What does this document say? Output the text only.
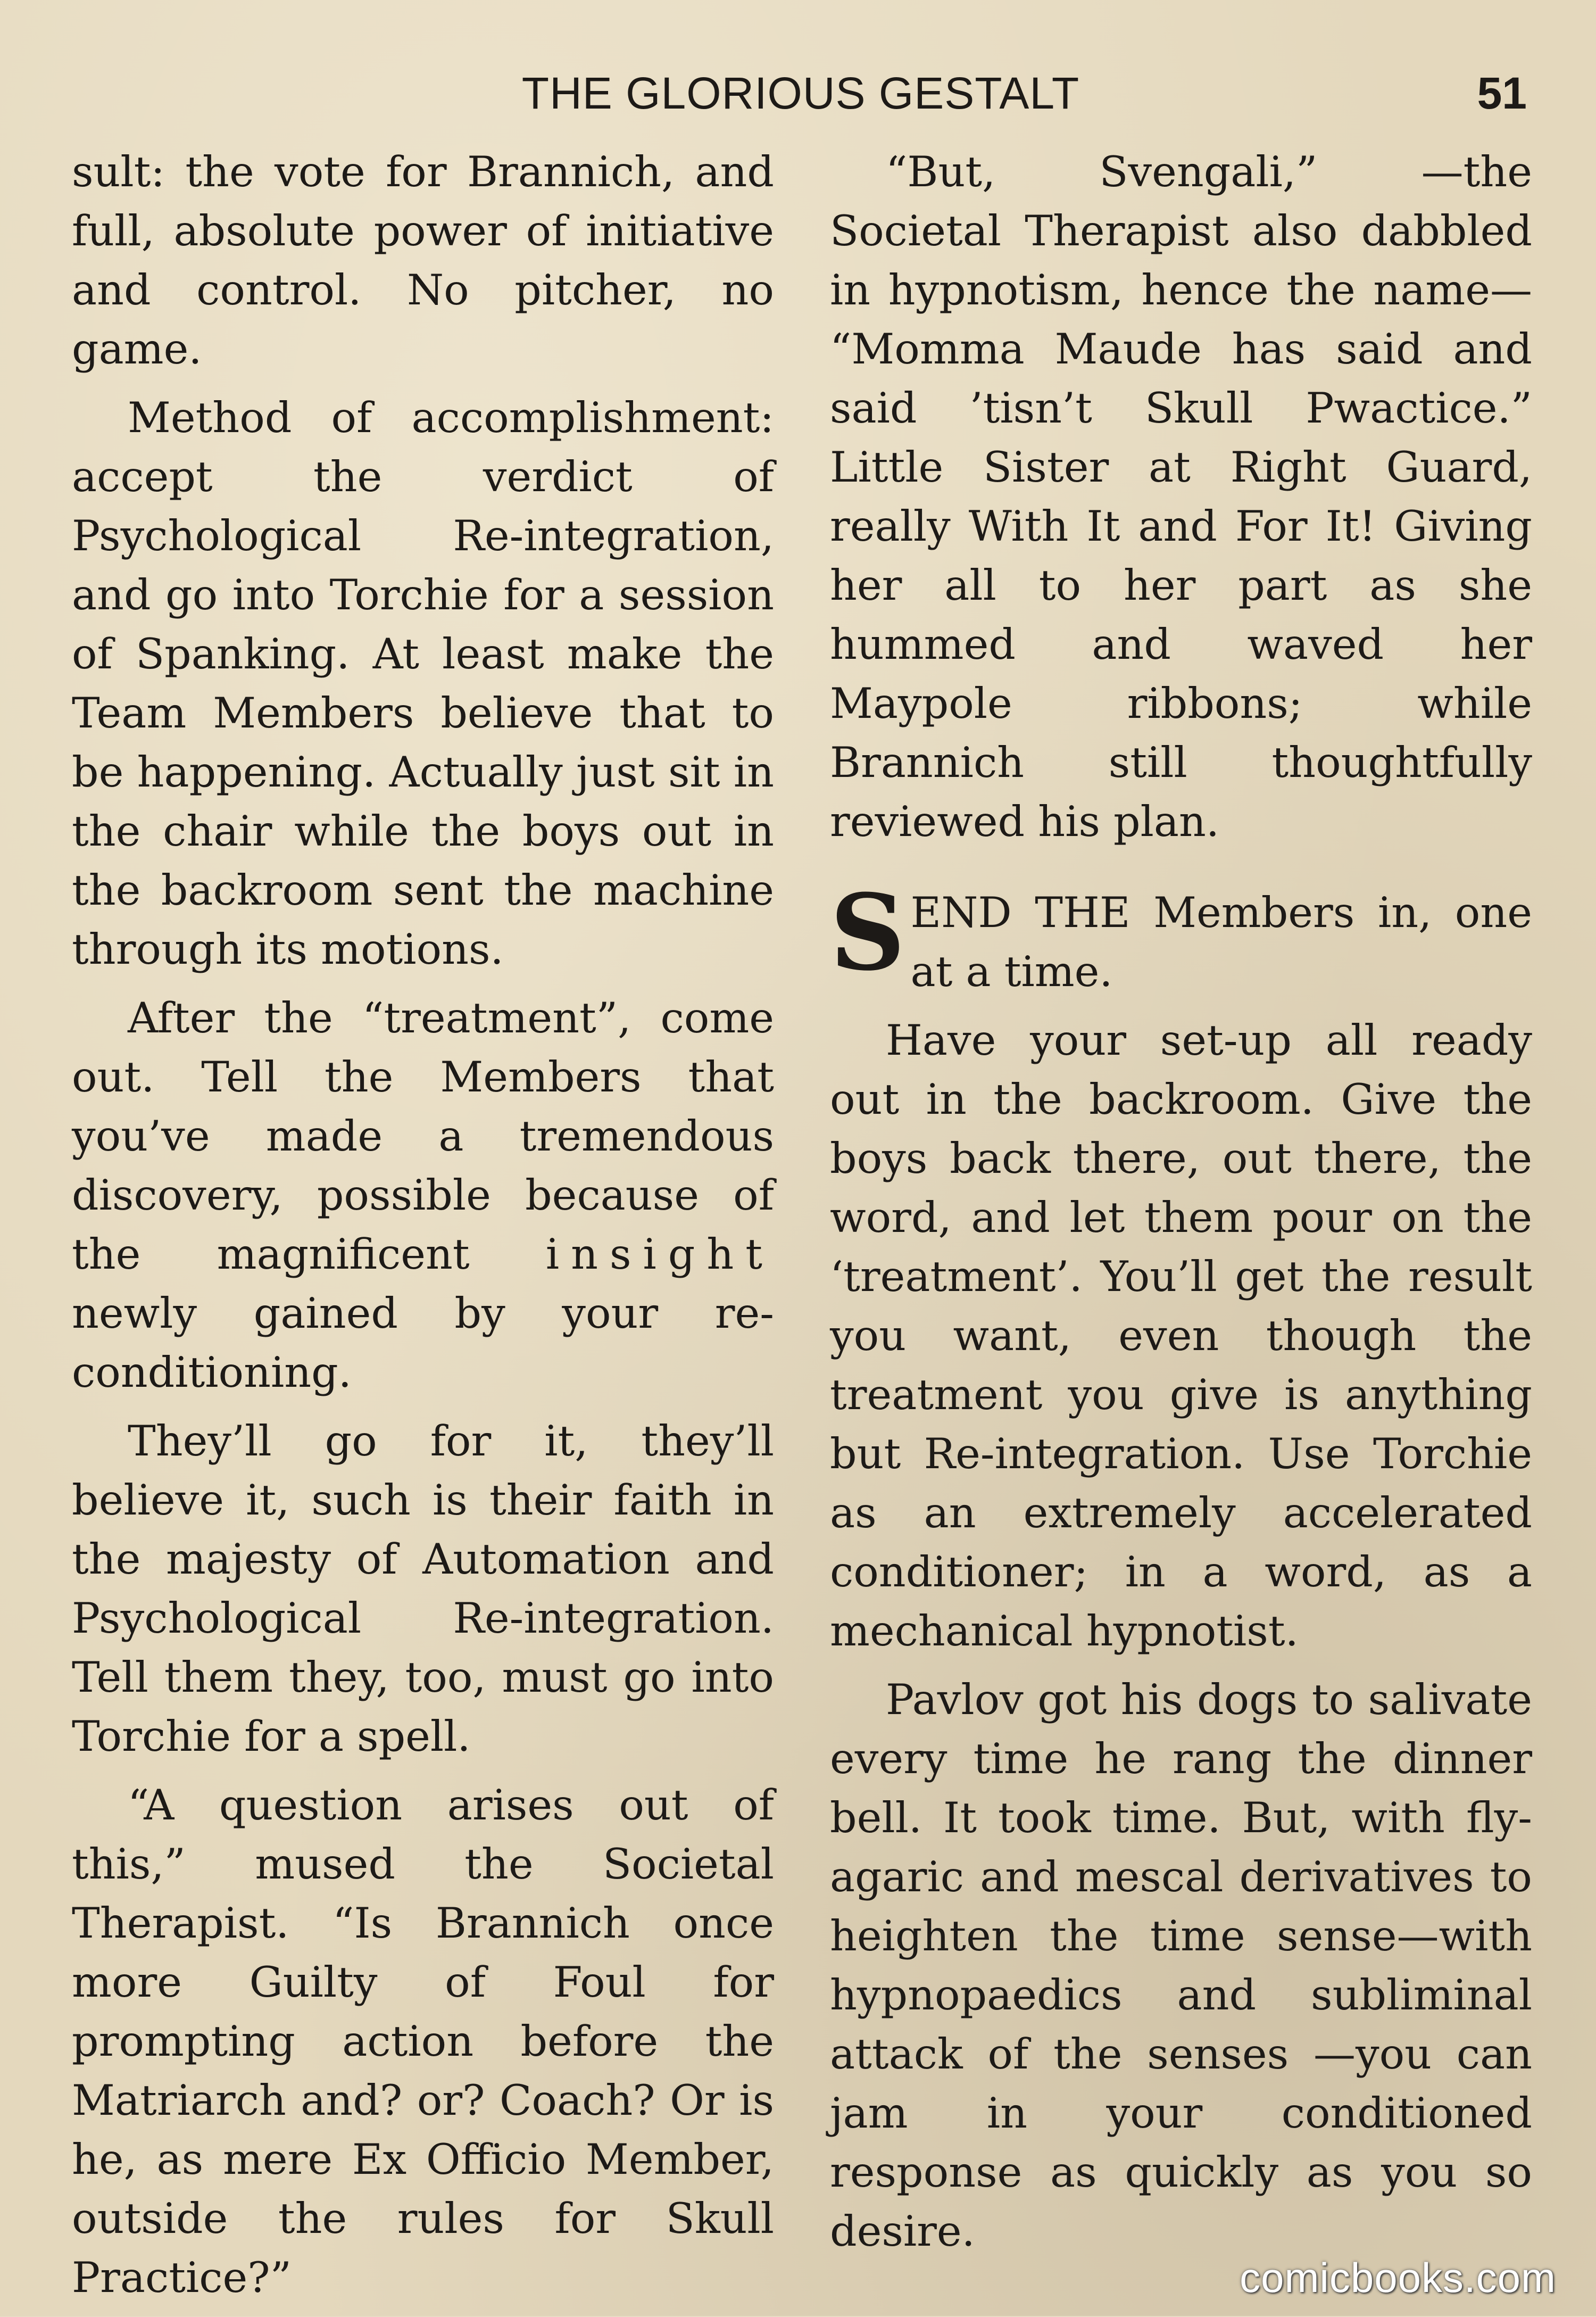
THE GLORIOUS GESTALT	51

sult: the vote for Brannich, and full, absolute power of initiative and control. No pitcher, no game.

Method of accomplishment: accept the verdict of Psychological Re-integration, and go into Torchie for a session of Spanking. At least make the Team Members believe that to be happening. Actually just sit in the chair while the boys out in the backroom sent the machine through its motions.

After the “treatment”, come out. Tell the Members that you’ve made a tremendous discovery, possible because of the magnificent insight newly gained by your re-conditioning.

They’ll go for it, they’ll believe it, such is their faith in the majesty of Automation and Psychological Re-integration. Tell them they, too, must go into Torchie for a spell.

“A question arises out of this,” mused the Societal Therapist. “Is Brannich once more Guilty of Foul for prompting action before the Matriarch and? or? Coach? Or is he, as mere Ex Officio Member, outside the rules for Skull Practice?”

“But, Svengali,” —the Societal Therapist also dabbled in hypnotism, hence the name— “Momma Maude has said and said ’tisn’t Skull Pwactice.” Little Sister at Right Guard, really With It and For It! Giving her all to her part as she hummed and waved her Maypole ribbons; while Brannich still thoughtfully reviewed his plan.

SEND THE Members in, one at a time.

Have your set-up all ready out in the backroom. Give the boys back there, out there, the word, and let them pour on the ‘treatment’. You’ll get the result you want, even though the treatment you give is anything but Re-integration. Use Torchie as an extremely accelerated conditioner; in a word, as a mechanical hypnotist.

Pavlov got his dogs to salivate every time he rang the dinner bell. It took time. But, with fly-agaric and mescal derivatives to heighten the time sense—with hypnopaedics and subliminal attack of the senses —you can jam in your conditioned response as quickly as you so desire.

comicbooks.com
